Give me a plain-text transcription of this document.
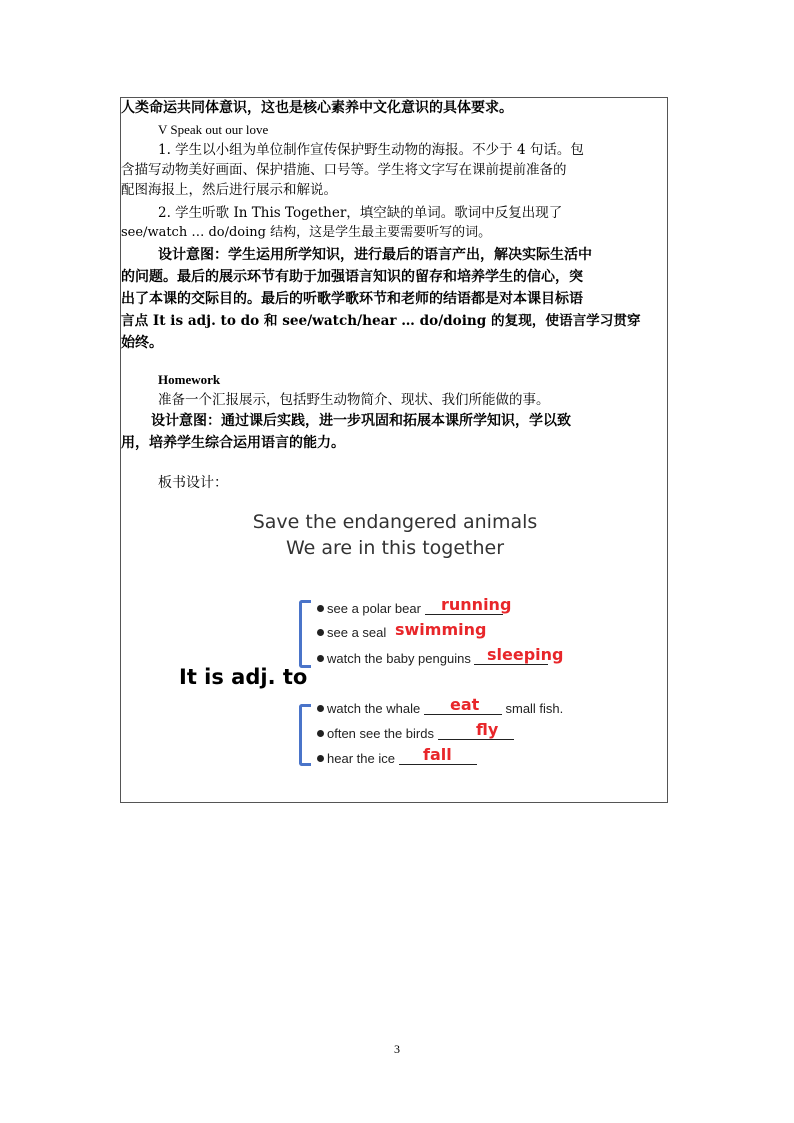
人类命运共同体意识，这也是核心素养中文化意识的具体要求。
V Speak out our love
1. 学生以小组为单位制作宣传保护野生动物的海报。不少于 4 句话。包
含描写动物美好画面、保护措施、口号等。学生将文字写在课前提前准备的
配图海报上，然后进行展示和解说。
2. 学生听歌 In This Together，填空缺的单词。歌词中反复出现了
see/watch … do/doing 结构，这是学生最主要需要听写的词。
设计意图：学生运用所学知识，进行最后的语言产出，解决实际生活中
的问题。最后的展示环节有助于加强语言知识的留存和培养学生的信心，突
出了本课的交际目的。最后的听歌学歌环节和老师的结语都是对本课目标语
言点 It is adj. to do 和 see/watch/hear … do/doing 的复现，使语言学习贯穿
始终。
Homework
准备一个汇报展示，包括野生动物简介、现状、我们所能做的事。
设计意图：通过课后实践，进一步巩固和拓展本课所学知识，学以致
用，培养学生综合运用语言的能力。
板书设计：
Save the endangered animals
We are in this together
It is adj. to
see a polar bear
see a seal
watch the baby penguins
watch the whale	small fish.
often see the birds
hear the ice
running
swimming
sleeping
eat
fly
fall
3
